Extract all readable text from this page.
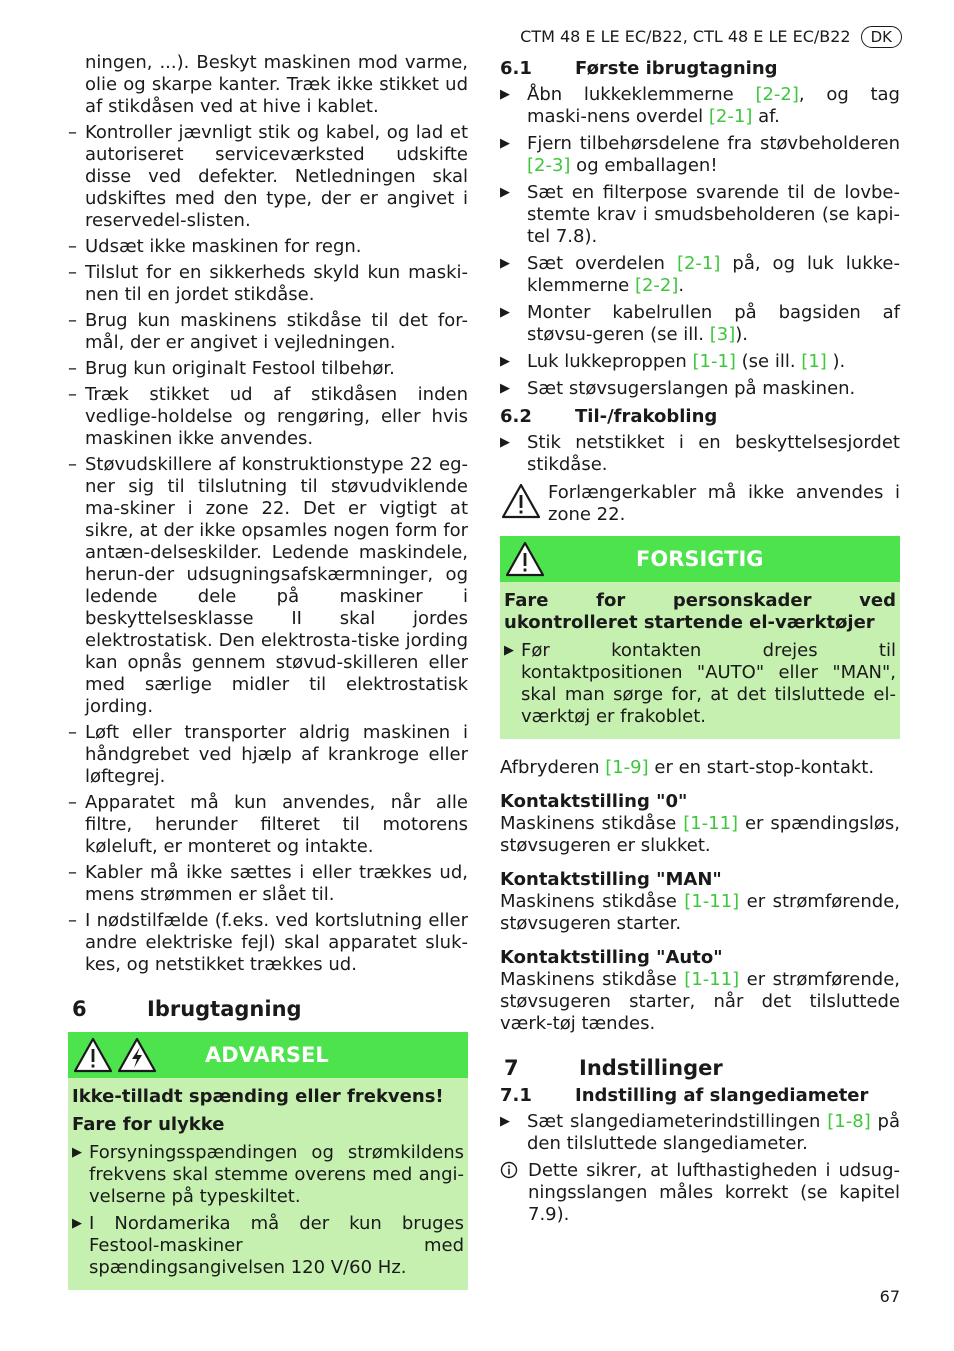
CTM 48 E LE EC/B22, CTL 48 E LE EC/B22	DK

ningen, ...). Beskyt maskinen mod varme, olie og skarpe kanter. Træk ikke stikket ud af stikdåsen ved at hive i kablet.

– Kontroller jævnligt stik og kabel, og lad et autoriseret serviceværksted udskifte disse ved defekter. Netledningen skal udskiftes med den type, der er angivet i reservedel-slisten.
– Udsæt ikke maskinen for regn.
– Tilslut for en sikkerheds skyld kun maski-nen til en jordet stikdåse.
– Brug kun maskinens stikdåse til det for-mål, der er angivet i vejledningen.
– Brug kun originalt Festool tilbehør.
– Træk stikket ud af stikdåsen inden vedlige-holdelse og rengøring, eller hvis maskinen ikke anvendes.
– Støvudskillere af konstruktionstype 22 eg-ner sig til tilslutning til støvudviklende ma-skiner i zone 22. Det er vigtigt at sikre, at der ikke opsamles nogen form for antæn-delseskilder. Ledende maskindele, herun-der udsugningsafskærmninger, og ledende dele på maskiner i beskyttelsesklasse II skal jordes elektrostatisk. Den elektrosta-tiske jording kan opnås gennem støvud-skilleren eller med særlige midler til elektrostatisk jording.
– Løft eller transporter aldrig maskinen i håndgrebet ved hjælp af krankroge eller løftegrej.
– Apparatet må kun anvendes, når alle filtre, herunder filteret til motorens køleluft, er monteret og intakte.
– Kabler må ikke sættes i eller trækkes ud, mens strømmen er slået til.
– I nødstilfælde (f.eks. ved kortslutning eller andre elektriske fejl) skal apparatet sluk-kes, og netstikket trækkes ud.
6	Ibrugtagning
ADVARSEL

Ikke-tilladt spænding eller frekvens!

Fare for ulykke

▶ Forsyningsspændingen og strømkildens frekvens skal stemme overens med angi-velserne på typeskiltet.
▶ I Nordamerika må der kun bruges Festool-maskiner med spændingsangivelsen 120 V/60 Hz.
6.1	Første ibrugtagning
▶ Åbn lukkeklemmerne [2-2], og tag maski-nens overdel [2-1] af.
▶ Fjern tilbehørsdelene fra støvbeholderen [2-3] og emballagen!
▶ Sæt en filterpose svarende til de lovbe-stemte krav i smudsbeholderen (se kapi-tel 7.8).
▶ Sæt overdelen [2-1] på, og luk lukke-klemmerne [2-2].
▶ Monter kabelrullen på bagsiden af støvsu-geren (se ill. [3]).
▶ Luk lukkeproppen [1-1] (se ill. [1] ).
▶ Sæt støvsugerslangen på maskinen.
6.2	Til-/frakobling
▶ Stik netstikket i en beskyttelsesjordet stikdåse.

Forlængerkabler må ikke anvendes i zone 22.

FORSIGTIG

Fare for personskader ved ukontrolleret startende el-værktøjer

▶ Før kontakten drejes til kontaktpositionen "AUTO" eller "MAN", skal man sørge for, at det tilsluttede el-værktøj er frakoblet.

Afbryderen [1-9] er en start-stop-kontakt.

Kontaktstilling "0"

Maskinens stikdåse [1-11] er spændingsløs, støvsugeren er slukket.

Kontaktstilling "MAN"

Maskinens stikdåse [1-11] er strømførende, støvsugeren starter.

Kontaktstilling "Auto"

Maskinens stikdåse [1-11] er strømførende, støvsugeren starter, når det tilsluttede værk-tøj tændes.

7	Indstillinger
7.1	Indstilling af slangediameter
▶ Sæt slangediameterindstillingen [1-8] på den tilsluttede slangediameter.

Dette sikrer, at lufthastigheden i udsug-ningsslangen måles korrekt (se kapitel 7.9).

67
